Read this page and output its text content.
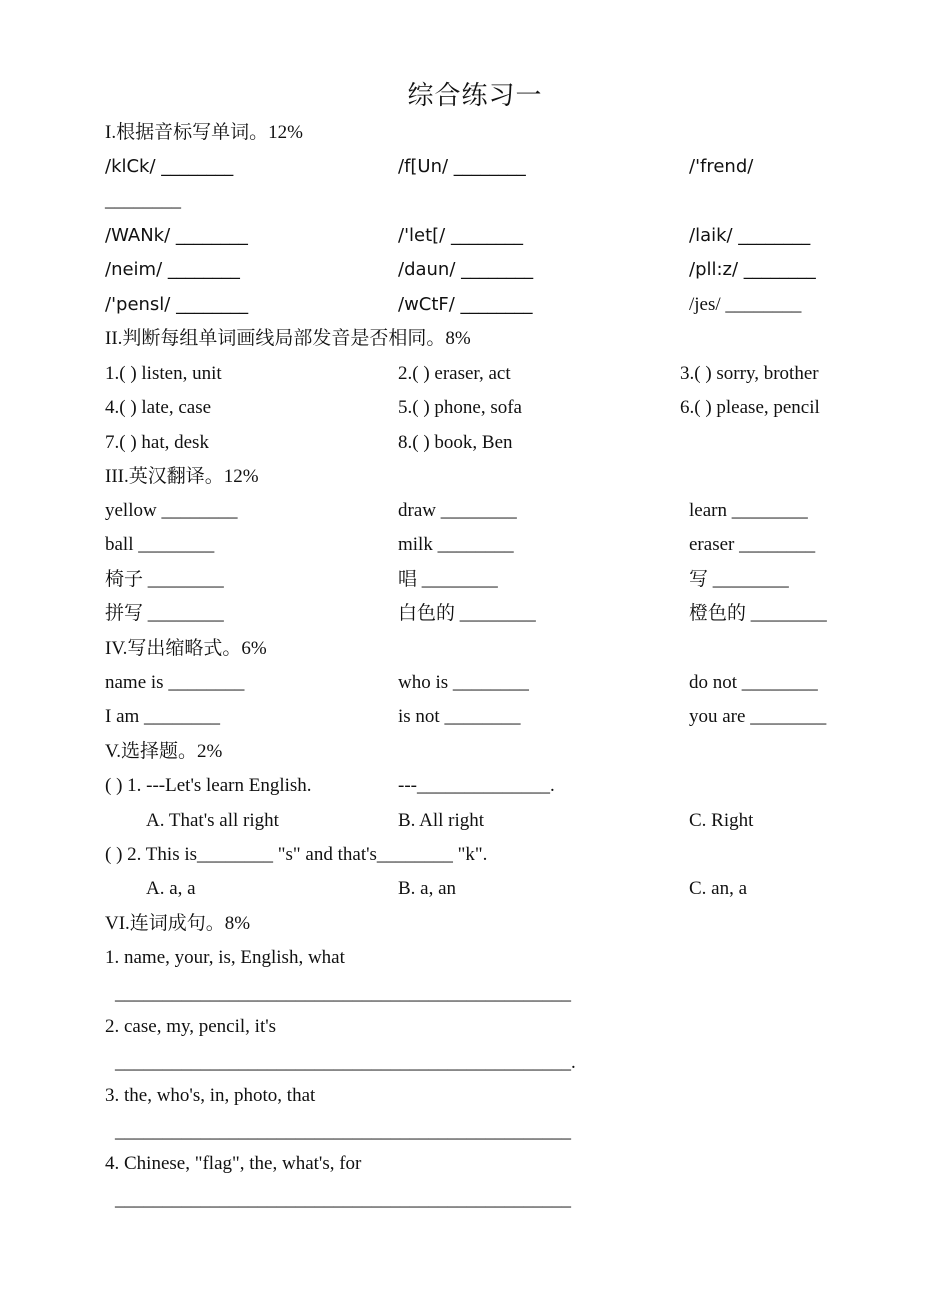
综合练习一
I.根据音标写单词。12%
/klCk/ ________	/f[Un/ ________	/'frend/
________
/WANk/ ________	/'let[/ ________	/laik/ ________
/neim/ ________	/daun/ ________	/pll:z/ ________
/'pensl/ ________	/wCtF/ ________	/jes/ ________
II.判断每组单词画线局部发音是否相同。8%
1.( ) listen, unit	2.( ) eraser, act	3.( ) sorry, brother
4.( ) late, case	5.( ) phone, sofa	6.( ) please, pencil
7.( ) hat, desk	8.( ) book, Ben
III.英汉翻译。12%
yellow ________	draw ________	learn ________
ball ________	milk ________	eraser ________
椅子 ________	唱 ________	写 ________
拼写 ________	白色的 ________	橙色的 ________
IV.写出缩略式。6%
name is ________	who is ________	do not ________
I am ________	is not ________	you are ________
V.选择题。2%
( ) 1. ---Let's learn English.	---______________.
A. That's all right	B. All right	C. Right
( ) 2. This is________ "s" and that's________ "k".
A. a, a	B. a, an	C. an, a
VI.连词成句。8%
1. name, your, is, English, what
________________________________________________
2. case, my, pencil, it's
________________________________________________.
3. the, who's, in, photo, that
________________________________________________
4. Chinese, "flag", the, what's, for
________________________________________________
